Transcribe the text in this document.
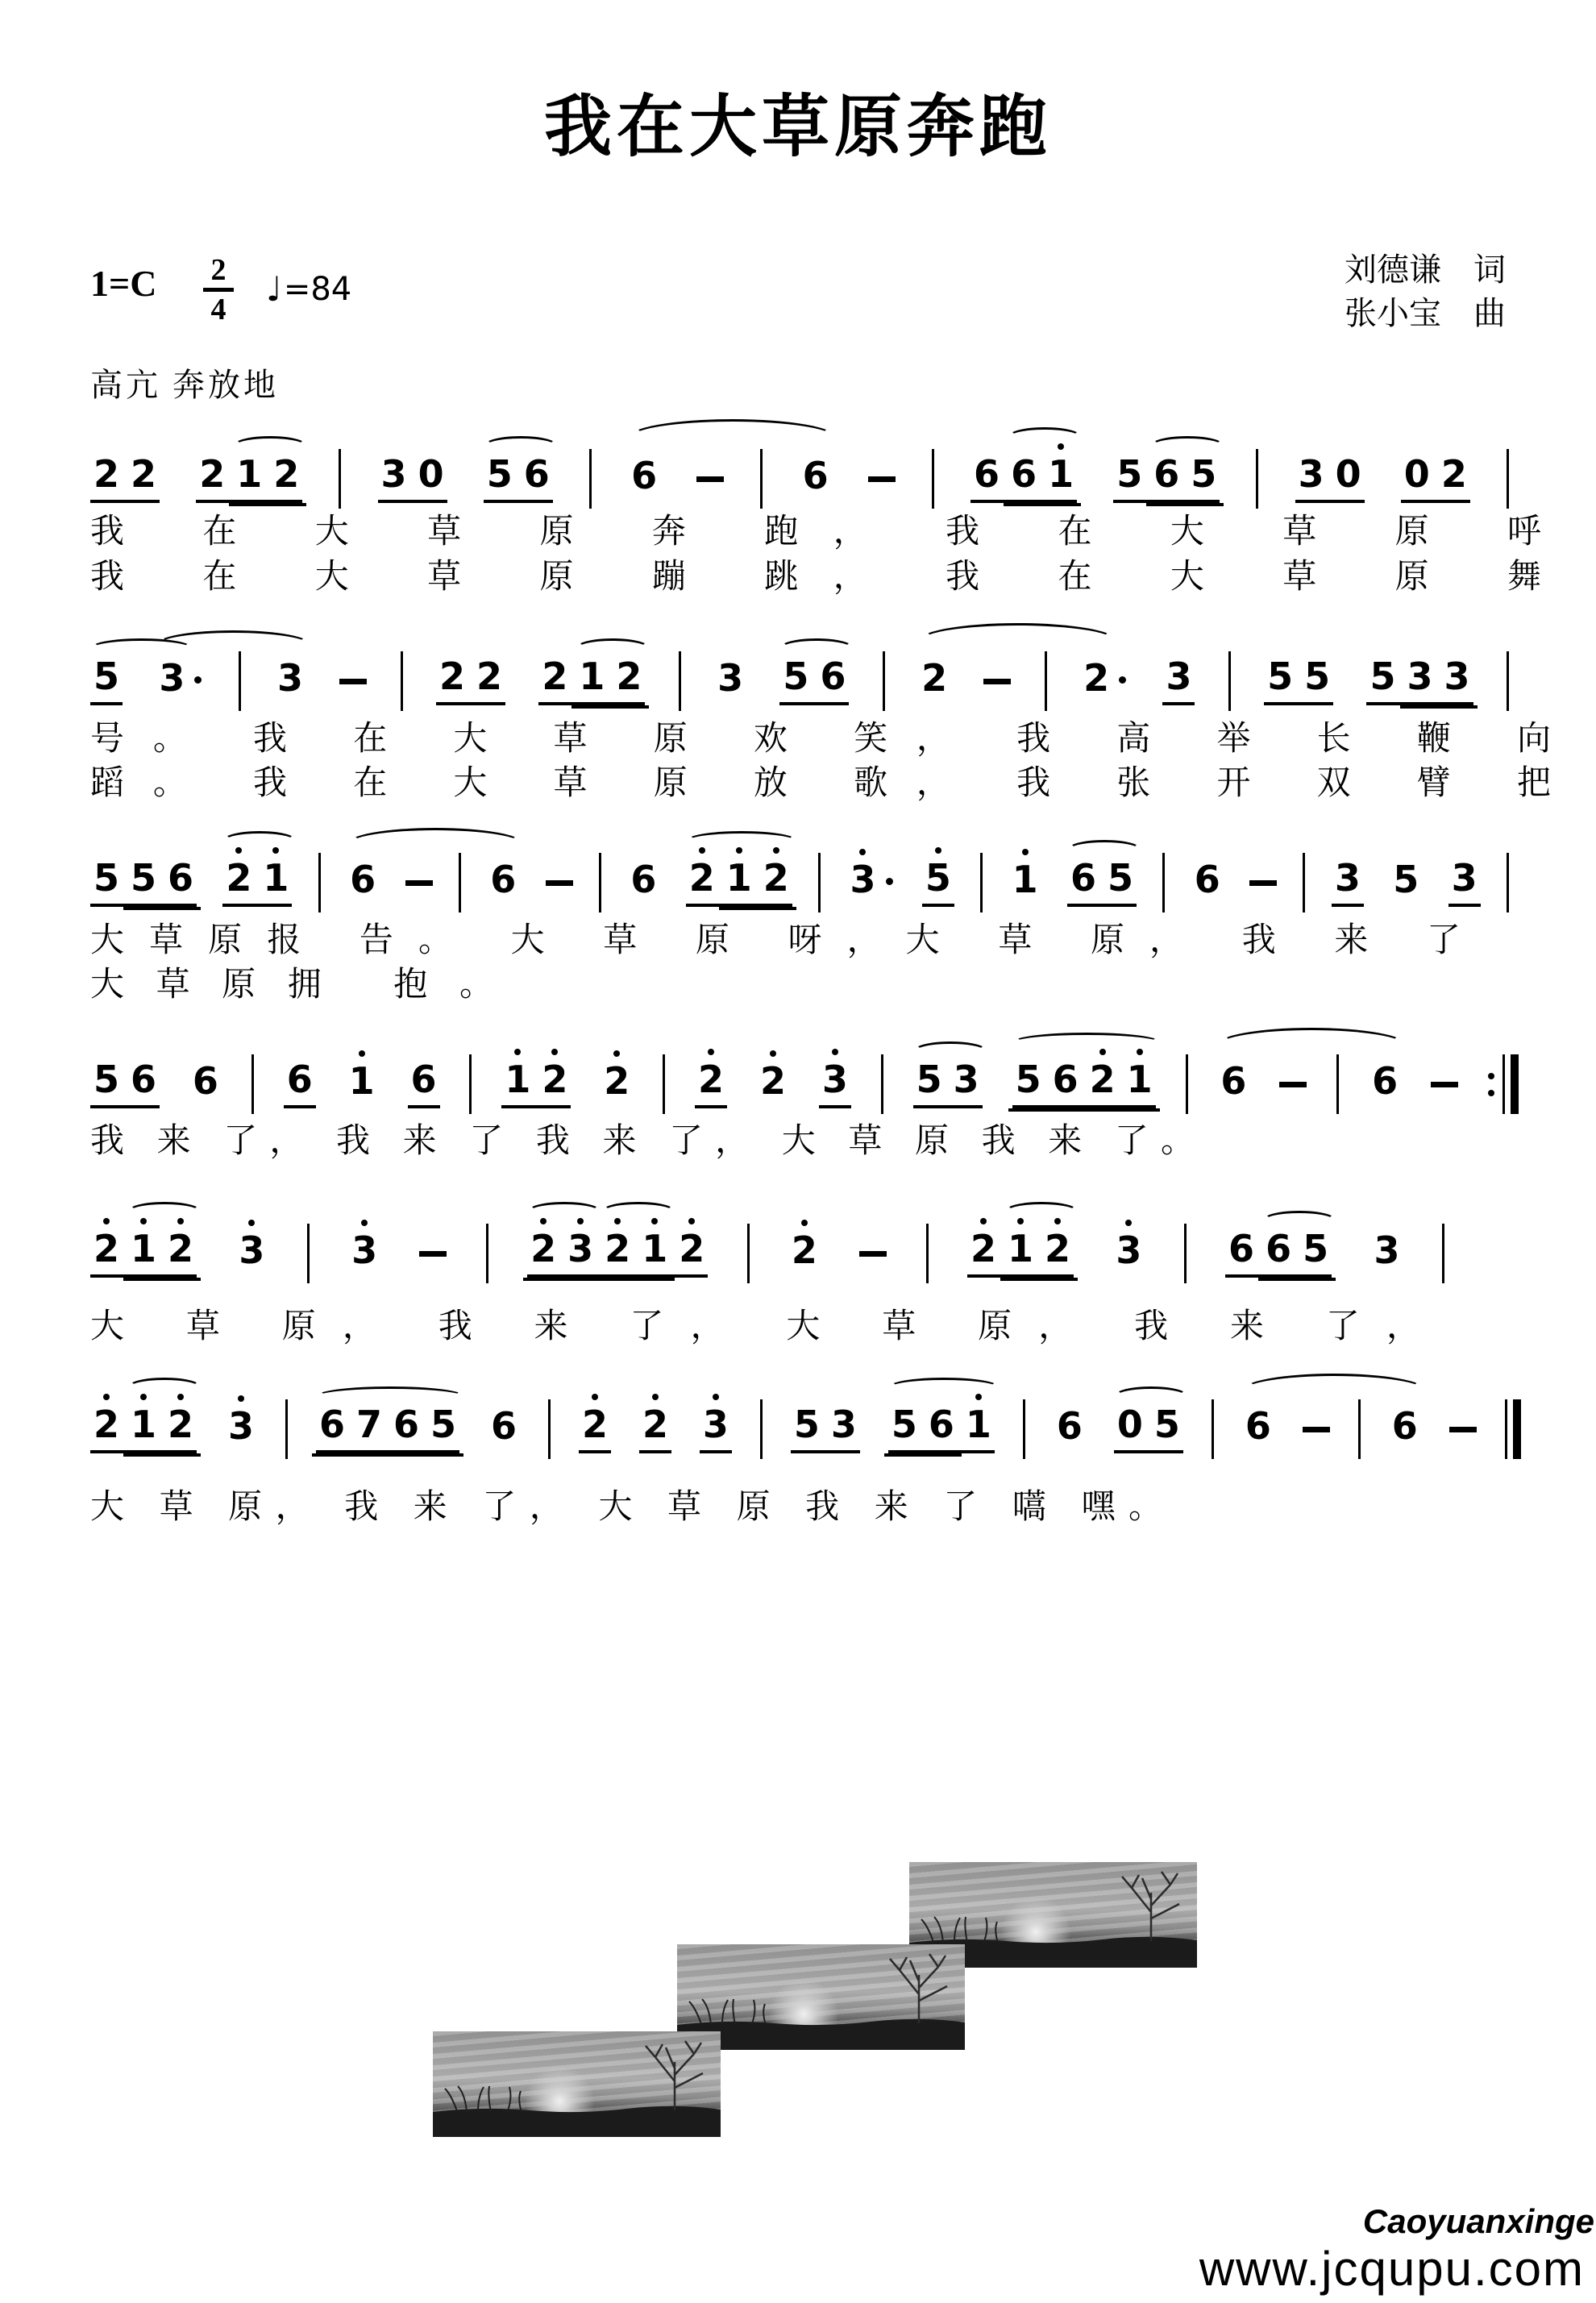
我在大草原奔跑
1=C 2
4
♩ =84
刘德谦　词
张小宝　曲
高亢 奔放地
2 2 2 1 2 3 0 5 6 6	6	6 6 1 5 6 5 3 0 0 2
5 3 3	2 2 2 1 2 3 5 6 2	2 3 5 5 5 3 3
5 5 6 2 1 6	6	6 2 1 2 3 5 1 6 5 6	3 5 3
5 6 6 6 1 6 1 2 2 2 2 3 5 3 5 6 2 1 6	6
2 1 2 3 3	2 3 2 1 2 2	2 1 2 3 6 6 5 3
2 1 2 3 6 7 6 5 6 2 2 3 5 3 5 6 1 6 0 5 6	6
我 在 大 草 原 奔 跑， 我 在 大 草 原 呼
我 在 大 草 原 蹦 跳， 我 在 大 草 原 舞
号。 我 在 大 草 原 欢 笑， 我 高 举 长 鞭 向
蹈。 我 在 大 草 原 放 歌， 我 张 开 双 臂 把
大草原报 告。 大 草 原 呀，大 草 原， 我 来 了
大草原拥 抱。
我 来 了， 我 来 了 我 来 了， 大 草 原 我 来 了。
大 草 原， 我 来 了， 大 草 原， 我 来 了，
大 草 原， 我 来 了， 大 草 原 我 来 了 嚆 嘿。
Caoyuanxinge
www.jcqupu.com
